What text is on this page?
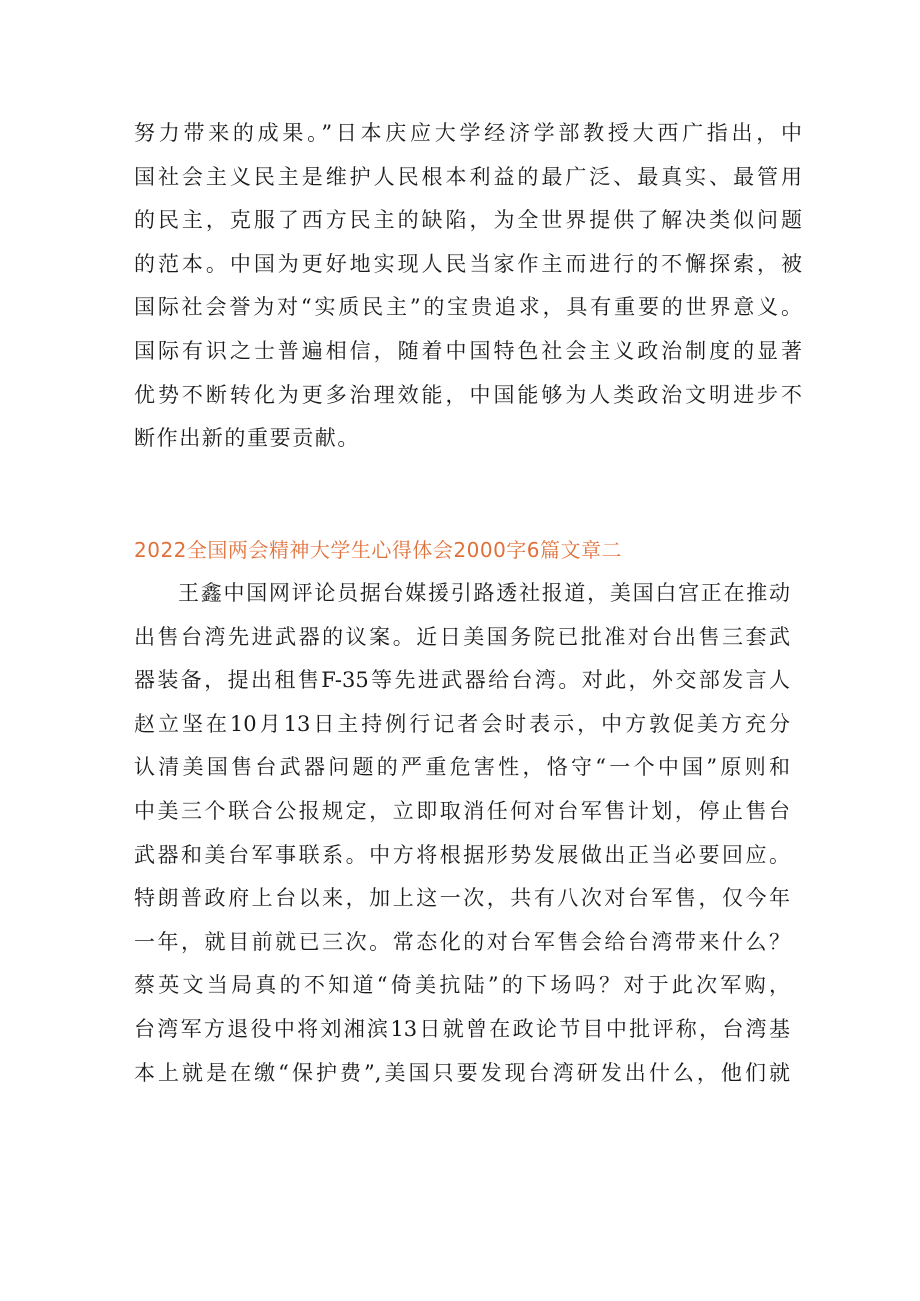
努力带来的成果。”日本庆应大学经济学部教授大西广指出，中
国社会主义民主是维护人民根本利益的最广泛、最真实、最管用
的民主，克服了西方民主的缺陷，为全世界提供了解决类似问题
的范本。中国为更好地实现人民当家作主而进行的不懈探索，被
国际社会誉为对“实质民主”的宝贵追求，具有重要的世界意义。
国际有识之士普遍相信，随着中国特色社会主义政治制度的显著
优势不断转化为更多治理效能，中国能够为人类政治文明进步不
断作出新的重要贡献。
2022全国两会精神大学生心得体会2000字6篇文章二
王鑫中国网评论员据台媒援引路透社报道，美国白宫正在推动
出售台湾先进武器的议案。近日美国务院已批准对台出售三套武
器装备，提出租售F-35等先进武器给台湾。对此，外交部发言人
赵立坚在10月13日主持例行记者会时表示，中方敦促美方充分
认清美国售台武器问题的严重危害性，恪守“一个中国”原则和
中美三个联合公报规定，立即取消任何对台军售计划，停止售台
武器和美台军事联系。中方将根据形势发展做出正当必要回应。
特朗普政府上台以来，加上这一次，共有八次对台军售，仅今年
一年，就目前就已三次。常态化的对台军售会给台湾带来什么？
蔡英文当局真的不知道“倚美抗陆”的下场吗？对于此次军购，
台湾军方退役中将刘湘滨13日就曾在政论节目中批评称，台湾基
本上就是在缴“保护费”,美国只要发现台湾研发出什么，他们就
